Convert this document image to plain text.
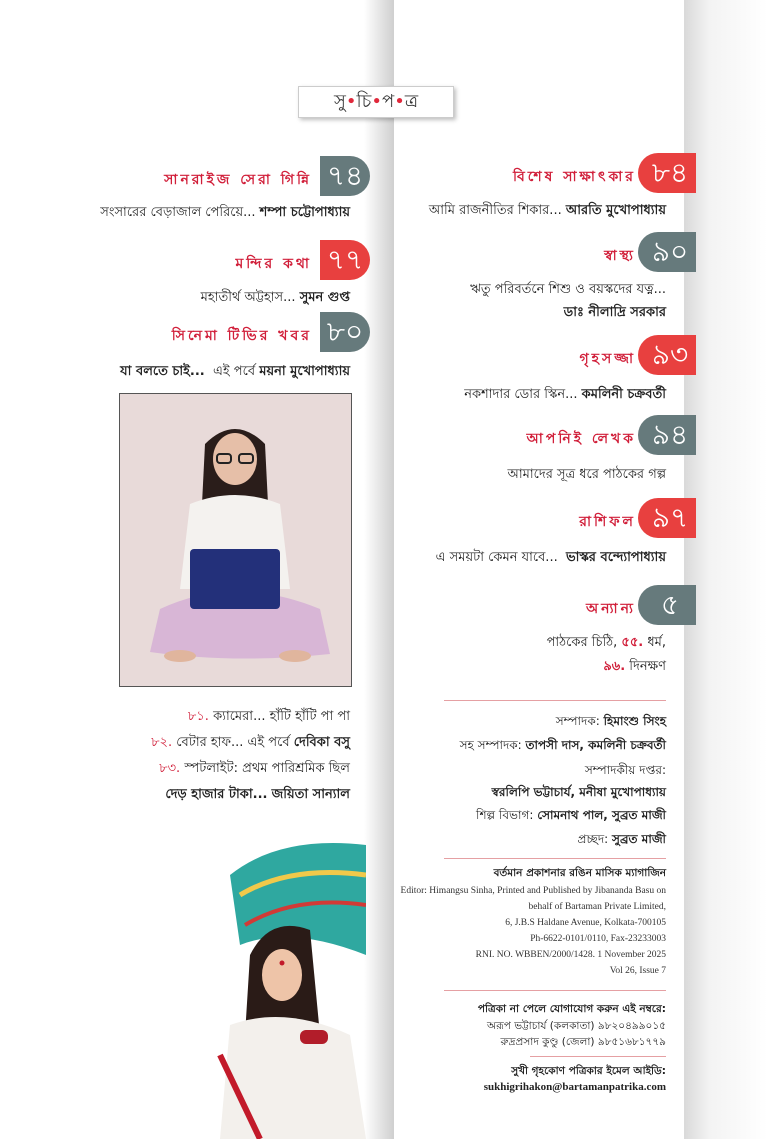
সু•চি•প•ত্র
সানরাইজ সেরা গিন্নি ৭৪
সংসারের বেড়াজাল পেরিয়ে... শম্পা চট্টোপাধ্যায়
মন্দির কথা ৭৭
মহাতীর্থ অট্টহাস... সুমন গুপ্ত
সিনেমা টিভির খবর ৮০
যা বলতে চাই... এই পর্বে ময়না মুখোপাধ্যায়
৮১. ক্যামেরা... হাঁটি হাঁটি পা পা
৮২. বেটার হাফ... এই পর্বে দেবিকা বসু
৮৩. স্পটলাইট: প্রথম পারিশ্রমিক ছিল
দেড় হাজার টাকা... জয়িতা সান্যাল
বিশেষ সাক্ষাৎকার ৮৪
আমি রাজনীতির শিকার... আরতি মুখোপাধ্যায়
স্বাস্থ্য ৯০
ঋতু পরিবর্তনে শিশু ও বয়স্কদের যত্ন...
ডাঃ নীলাদ্রি সরকার
গৃহসজ্জা ৯৩
নকশাদার ডোর স্কিন... কমলিনী চক্রবর্তী
আপনিই লেখক ৯৪
আমাদের সূত্র ধরে পাঠকের গল্প
রাশিফল ৯৭
এ সময়টা কেমন যাবে... ভাস্কর বন্দ্যোপাধ্যায়
অন্যান্য ৫
পাঠকের চিঠি, ৫৫. ধর্ম,
৯৬. দিনক্ষণ
সম্পাদক: হিমাংশু সিংহ
সহ সম্পাদক: তাপসী দাস, কমলিনী চক্রবর্তী
সম্পাদকীয় দপ্তর:
স্বরলিপি ভট্টাচার্য, মনীষা মুখোপাধ্যায়
শিল্প বিভাগ: সোমনাথ পাল, সুব্রত মাজী
প্রচ্ছদ: সুব্রত মাজী
বর্তমান প্রকাশনার রঙিন মাসিক ম্যাগাজিন
Editor: Himangsu Sinha, Printed and Published by Jibananda Basu on
behalf of Bartaman Private Limited,
6, J.B.S Haldane Avenue, Kolkata-700105
Ph-6622-0101/0110, Fax-23233003
RNI. NO. WBBEN/2000/1428. 1 November 2025
Vol 26, Issue 7
পত্রিকা না পেলে যোগাযোগ করুন এই নম্বরে:
অরূপ ভট্টাচার্য (কলকাতা) ৯৮২০৪৯৯০১৫
রুদ্রপ্রসাদ কুণ্ডু (জেলা) ৯৮৫১৬৮১৭৭৯
সুখী গৃহকোণ পত্রিকার ইমেল আইডি:
sukhigrihakon@bartamanpatrika.com
